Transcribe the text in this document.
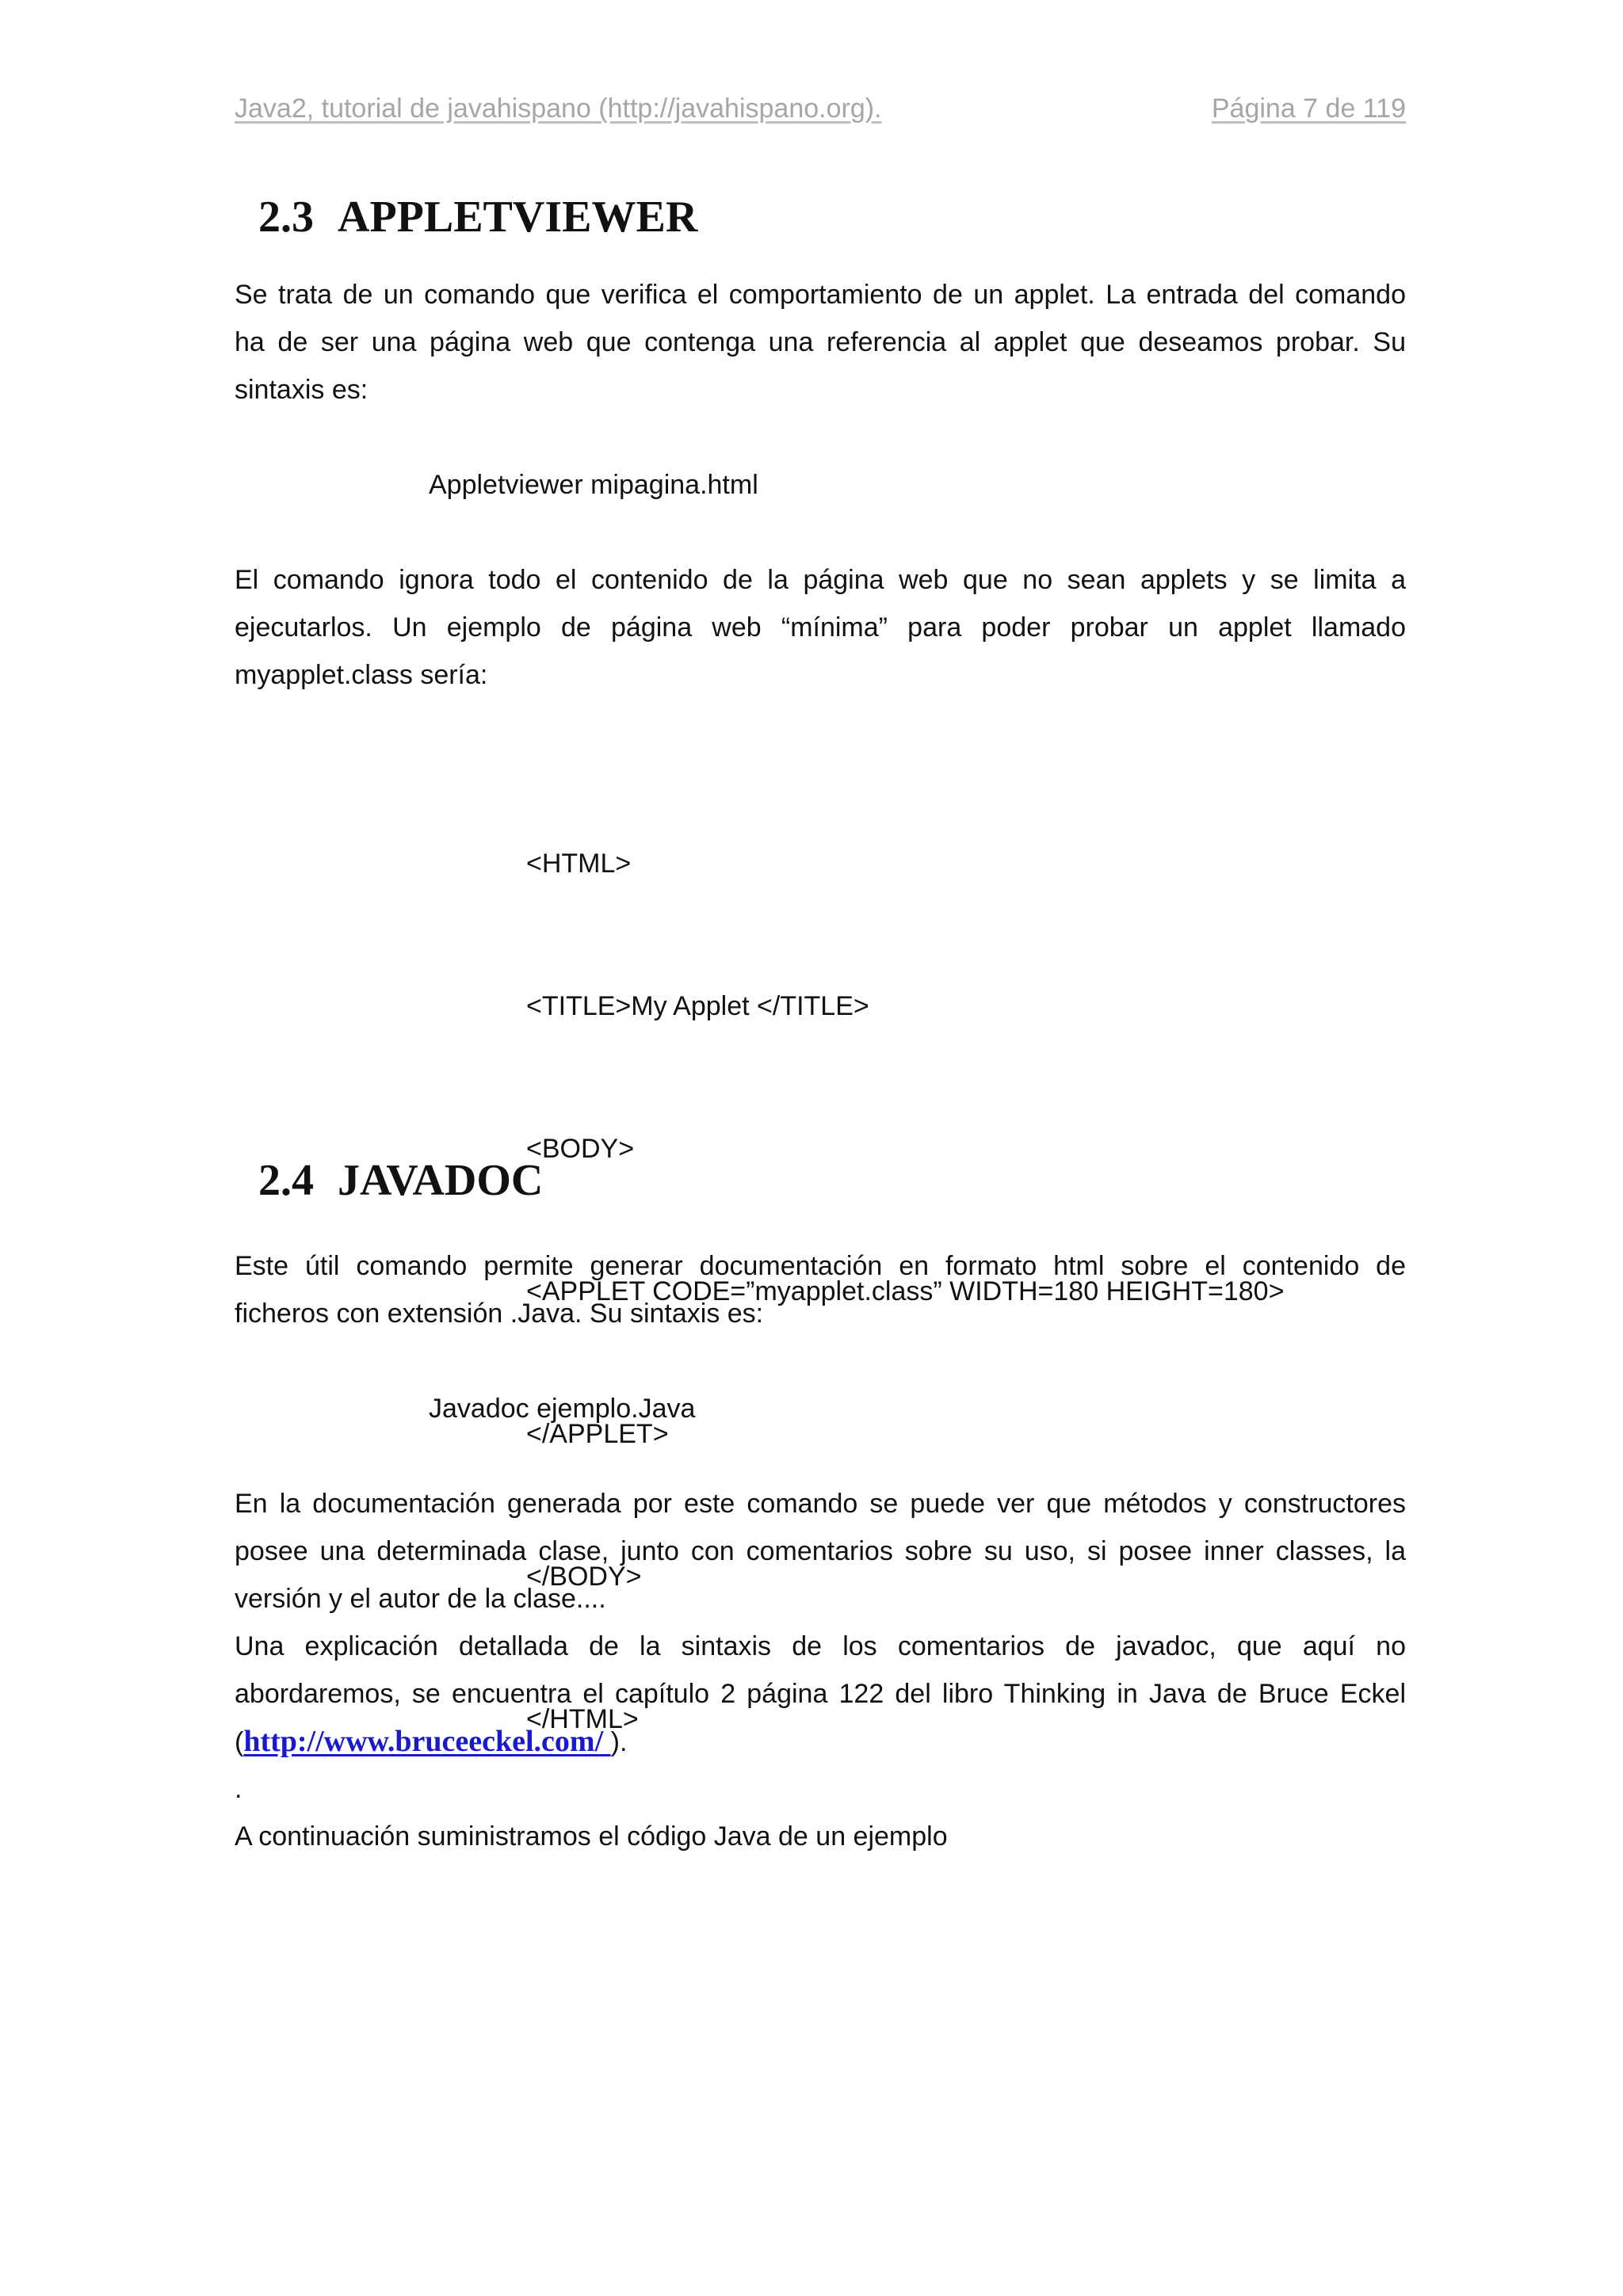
Java2, tutorial de javahispano (http://javahispano.org).	Página 7 de 119
2.3 APPLETVIEWER
Se trata de un comando que verifica el comportamiento de un applet. La entrada del comando
ha de ser una página web que contenga una referencia al applet que deseamos probar. Su
sintaxis es:
Appletviewer mipagina.html
El comando ignora todo el contenido de la página web que no sean applets y se limita a
ejecutarlos. Un ejemplo de página web “mínima” para poder probar un applet llamado
myapplet.class sería:

<HTML>

<TITLE>My Applet </TITLE>

<BODY>

<APPLET CODE=”myapplet.class” WIDTH=180 HEIGHT=180>

</APPLET>

</BODY>

</HTML>

2.4 JAVADOC
Este útil comando permite generar documentación en formato html sobre el contenido de
ficheros con extensión .Java. Su sintaxis es:
Javadoc ejemplo.Java
En la documentación generada por este comando se puede ver que métodos y constructores
posee una determinada clase, junto con comentarios sobre su uso, si posee inner classes, la
versión y el autor de la clase....
Una explicación detallada de la sintaxis de los comentarios de javadoc, que aquí no
abordaremos, se encuentra el capítulo 2 página 122 del libro Thinking in Java de Bruce Eckel
(http://www.bruceeckel.com/ ).
.
A continuación suministramos el código Java de un ejemplo
